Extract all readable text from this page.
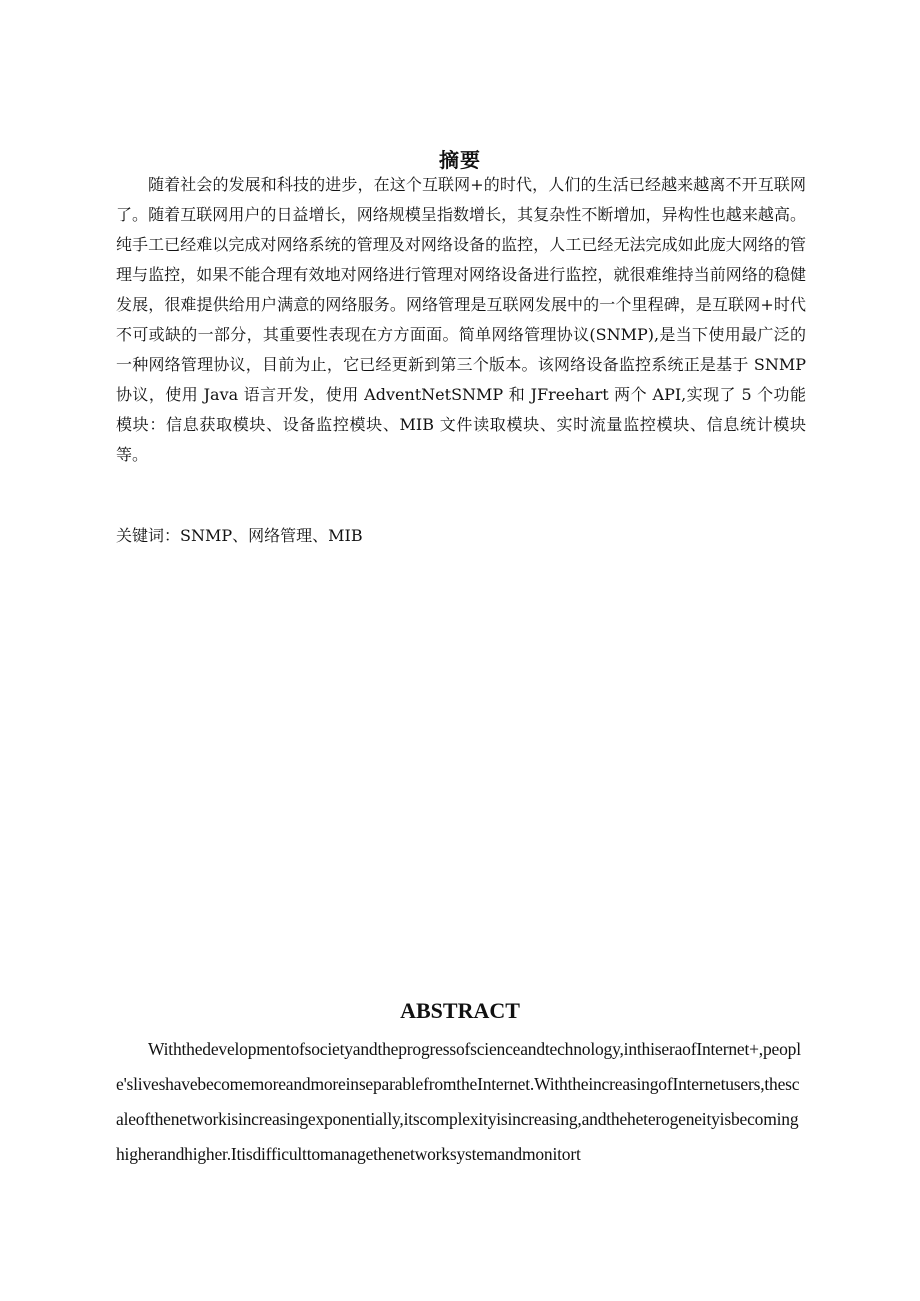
摘要

随着社会的发展和科技的进步，在这个互联网+的时代，人们的生活已经越来越离不开互联网了。随着互联网用户的日益增长，网络规模呈指数增长，其复杂性不断增加，异构性也越来越高。纯手工已经难以完成对网络系统的管理及对网络设备的监控，人工已经无法完成如此庞大网络的管理与监控，如果不能合理有效地对网络进行管理对网络设备进行监控，就很难维持当前网络的稳健发展，很难提供给用户满意的网络服务。网络管理是互联网发展中的一个里程碑，是互联网+时代不可或缺的一部分，其重要性表现在方方面面。简单网络管理协议(SNMP),是当下使用最广泛的一种网络管理协议，目前为止，它已经更新到第三个版本。该网络设备监控系统正是基于 SNMP 协议，使用 Java 语言开发，使用 AdventNetSNMP 和 JFreehart 两个 API,实现了 5 个功能模块：信息获取模块、设备监控模块、MIB 文件读取模块、实时流量监控模块、信息统计模块等。

关键词：SNMP、网络管理、MIB

ABSTRACT

Withthedevelopmentofsocietyandtheprogressofscienceandtechnology,inthiseraofInternet+,people'sliveshavebecomemoreandmoreinseparablefromtheInternet.WiththeincreasingofInternetusers,thescaleofthenetworkisincreasingexponentially,itscomplexityisincreasing,andtheheterogeneityisbecominghigherandhigher.Itisdifficulttomanagethenetworksystemandmonitort
